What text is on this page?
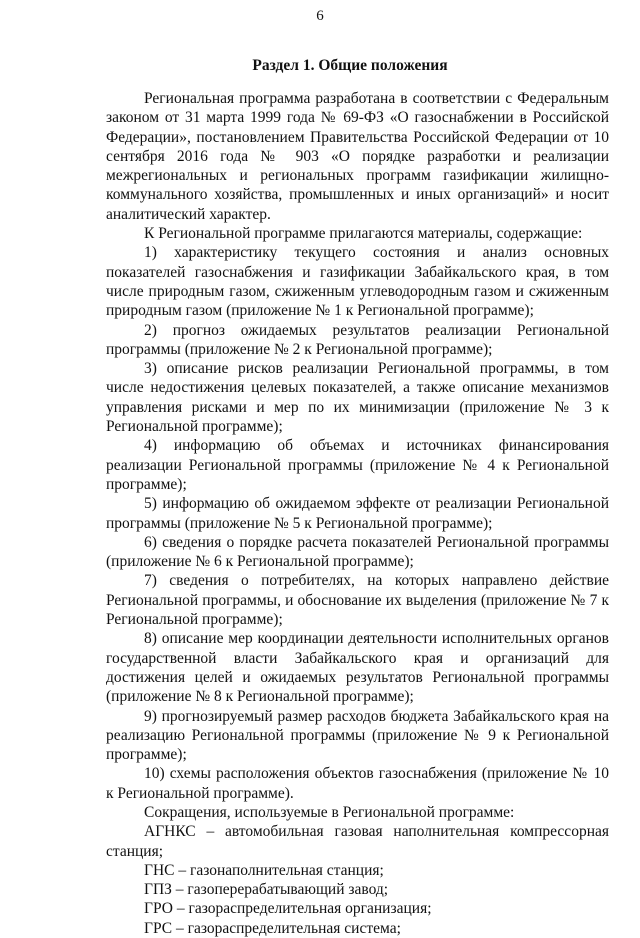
6
Раздел 1. Общие положения

Региональная программа разработана в соответствии с Федеральным законом от 31 марта 1999 года № 69-ФЗ «О газоснабжении в Российской Федерации», постановлением Правительства Российской Федерации от 10 сентября 2016 года № 903 «О порядке разработки и реализации межрегиональных и региональных программ газификации жилищно-коммунального хозяйства, промышленных и иных организаций» и носит аналитический характер.

К Региональной программе прилагаются материалы, содержащие:

1) характеристику текущего состояния и анализ основных показателей газоснабжения и газификации Забайкальского края, в том числе природным газом, сжиженным углеводородным газом и сжиженным природным газом (приложение № 1 к Региональной программе);

2) прогноз ожидаемых результатов реализации Региональной программы (приложение № 2 к Региональной программе);

3) описание рисков реализации Региональной программы, в том числе недостижения целевых показателей, а также описание механизмов управления рисками и мер по их минимизации (приложение № 3 к Региональной программе);

4) информацию об объемах и источниках финансирования реализации Региональной программы (приложение № 4 к Региональной программе);

5) информацию об ожидаемом эффекте от реализации Региональной программы (приложение № 5 к Региональной программе);

6) сведения о порядке расчета показателей Региональной программы (приложение № 6 к Региональной программе);

7) сведения о потребителях, на которых направлено действие Региональной программы, и обоснование их выделения (приложение № 7 к Региональной программе);

8) описание мер координации деятельности исполнительных органов государственной власти Забайкальского края и организаций для достижения целей и ожидаемых результатов Региональной программы (приложение № 8 к Региональной программе);

9) прогнозируемый размер расходов бюджета Забайкальского края на реализацию Региональной программы (приложение № 9 к Региональной программе);

10) схемы расположения объектов газоснабжения (приложение № 10 к Региональной программе).

Сокращения, используемые в Региональной программе:

АГНКС – автомобильная газовая наполнительная компрессорная станция;

ГНС – газонаполнительная станция;

ГПЗ – газоперерабатывающий завод;

ГРО – газораспределительная организация;

ГРС – газораспределительная система;
